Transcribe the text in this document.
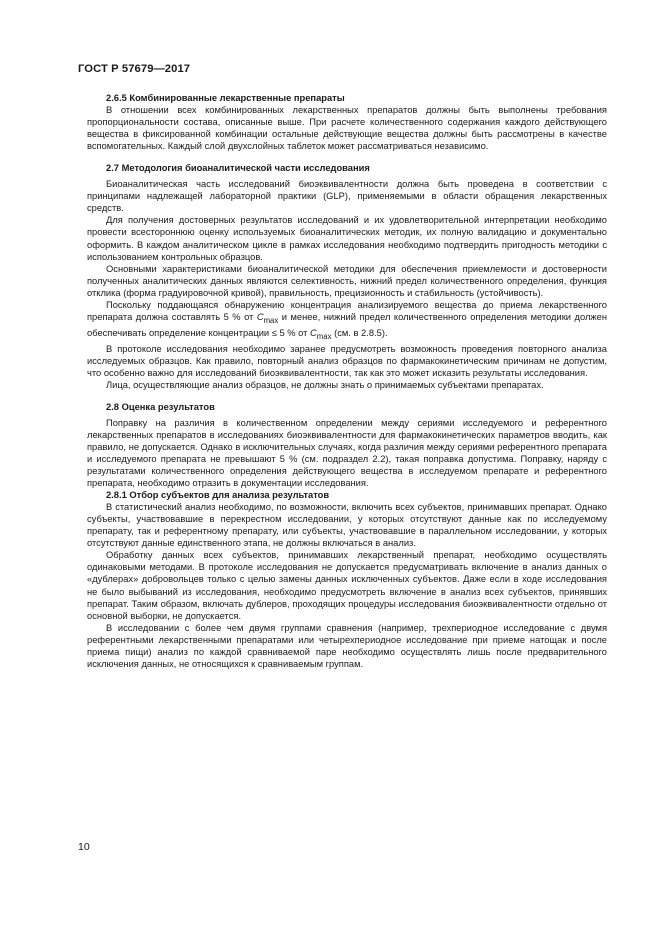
ГОСТ Р 57679—2017
2.6.5 Комбинированные лекарственные препараты

В отношении всех комбинированных лекарственных препаратов должны быть выполнены требования пропорциональности состава, описанные выше. При расчете количественного содержания каждого действующего вещества в фиксированной комбинации остальные действующие вещества должны быть рассмотрены в качестве вспомогательных. Каждый слой двухслойных таблеток может рассматриваться независимо.

2.7 Методология биоаналитической части исследования

Биоаналитическая часть исследований биоэквивалентности должна быть проведена в соответствии с принципами надлежащей лабораторной практики (GLP), применяемыми в области обращения лекарственных средств.

Для получения достоверных результатов исследований и их удовлетворительной интерпретации необходимо провести всестороннюю оценку используемых биоаналитических методик, их полную валидацию и документально оформить. В каждом аналитическом цикле в рамках исследования необходимо подтвердить пригодность методики с использованием контрольных образцов.

Основными характеристиками биоаналитической методики для обеспечения приемлемости и достоверности полученных аналитических данных являются селективность, нижний предел количественного определения, функция отклика (форма градуировочной кривой), правильность, прецизионность и стабильность (устойчивость).

Поскольку поддающаяся обнаружению концентрация анализируемого вещества до приема лекарственного препарата должна составлять 5 % от $C_{max}$ и менее, нижний предел количественного определения методики должен обеспечивать определение концентрации ≤ 5 % от $C_{max}$ (см. в 2.8.5).

В протоколе исследования необходимо заранее предусмотреть возможность проведения повторного анализа исследуемых образцов. Как правило, повторный анализ образцов по фармакокинетическим причинам не допустим, что особенно важно для исследований биоэквивалентности, так как это может исказить результаты исследования.

Лица, осуществляющие анализ образцов, не должны знать о принимаемых субъектами препаратах.

2.8 Оценка результатов

Поправку на различия в количественном определении между сериями исследуемого и референтного лекарственных препаратов в исследованиях биоэквивалентности для фармакокинетических параметров вводить, как правило, не допускается. Однако в исключительных случаях, когда различия между сериями референтного препарата и исследуемого препарата не превышают 5 % (см. подраздел 2.2), такая поправка допустима. Поправку, наряду с результатами количественного определения действующего вещества в исследуемом препарате и референтного препарата, необходимо отразить в документации исследования.

2.8.1 Отбор субъектов для анализа результатов

В статистический анализ необходимо, по возможности, включить всех субъектов, принимавших препарат. Однако субъекты, участвовавшие в перекрестном исследовании, у которых отсутствуют данные как по исследуемому препарату, так и референтному препарату, или субъекты, участвовавшие в параллельном исследовании, у которых отсутствуют данные единственного этапа, не должны включаться в анализ.

Обработку данных всех субъектов, принимавших лекарственный препарат, необходимо осуществлять одинаковыми методами. В протоколе исследования не допускается предусматривать включение в анализ данных о «дублерах» добровольцев только с целью замены данных исключенных субъектов. Даже если в ходе исследования не было выбываний из исследования, необходимо предусмотреть включение в анализ всех субъектов, принявших препарат. Таким образом, включать дублеров, проходящих процедуры исследования биоэквивалентности отдельно от основной выборки, не допускается.

В исследовании с более чем двумя группами сравнения (например, трехпериодное исследование с двумя референтными лекарственными препаратами или четырехпериодное исследование при приеме натощак и после приема пищи) анализ по каждой сравниваемой паре необходимо осуществлять лишь после предварительного исключения данных, не относящихся к сравниваемым группам.

10
